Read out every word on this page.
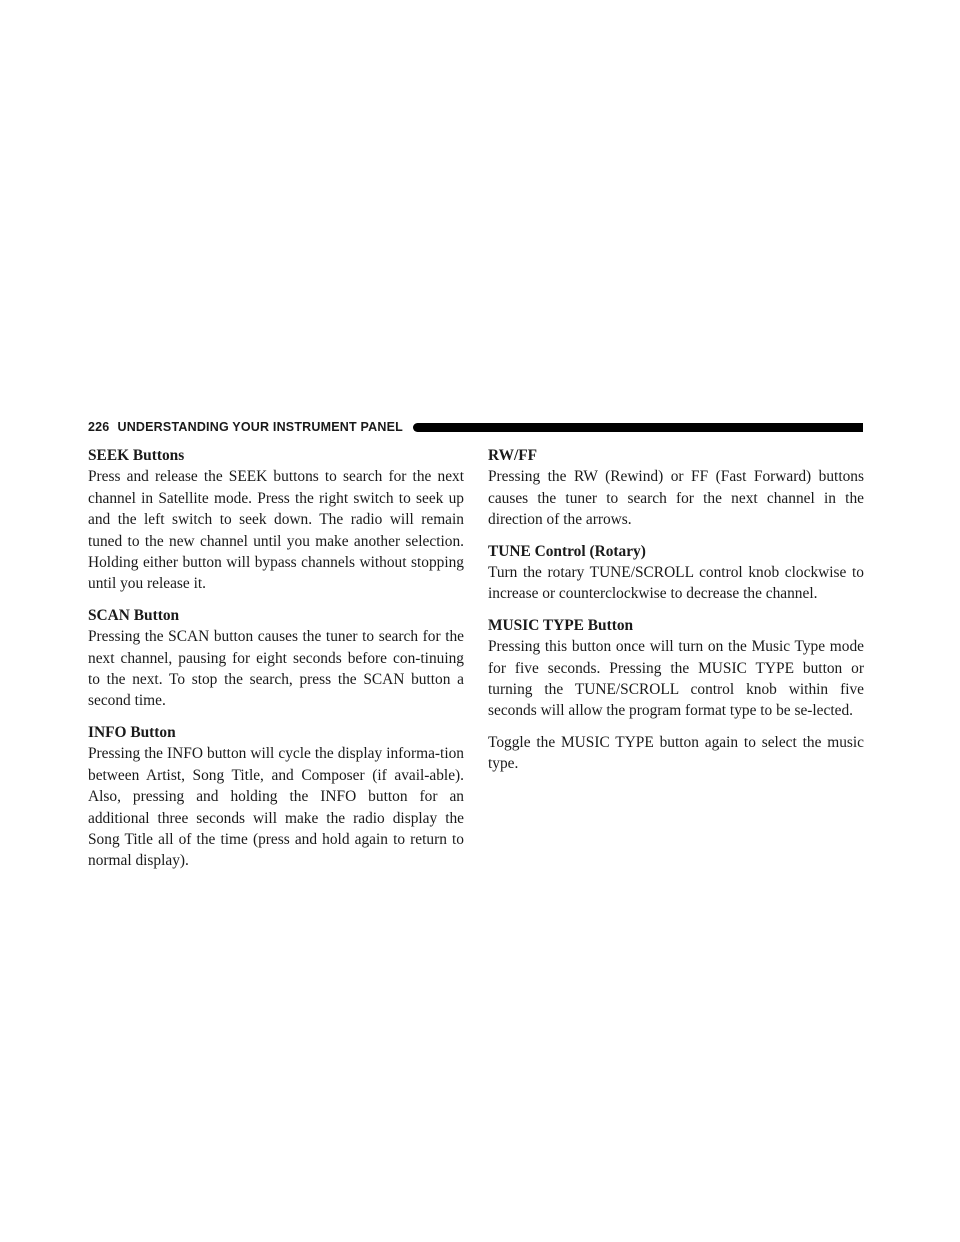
226 UNDERSTANDING YOUR INSTRUMENT PANEL

SEEK Buttons

Press and release the SEEK buttons to search for the next channel in Satellite mode. Press the right switch to seek up and the left switch to seek down. The radio will remain tuned to the new channel until you make another selection. Holding either button will bypass channels without stopping until you release it.

SCAN Button

Pressing the SCAN button causes the tuner to search for the next channel, pausing for eight seconds before con-tinuing to the next. To stop the search, press the SCAN button a second time.

INFO Button

Pressing the INFO button will cycle the display informa-tion between Artist, Song Title, and Composer (if avail-able). Also, pressing and holding the INFO button for an additional three seconds will make the radio display the Song Title all of the time (press and hold again to return to normal display).

RW/FF

Pressing the RW (Rewind) or FF (Fast Forward) buttons causes the tuner to search for the next channel in the direction of the arrows.

TUNE Control (Rotary)

Turn the rotary TUNE/SCROLL control knob clockwise to increase or counterclockwise to decrease the channel.

MUSIC TYPE Button

Pressing this button once will turn on the Music Type mode for five seconds. Pressing the MUSIC TYPE button or turning the TUNE/SCROLL control knob within five seconds will allow the program format type to be se-lected.

Toggle the MUSIC TYPE button again to select the music type.
